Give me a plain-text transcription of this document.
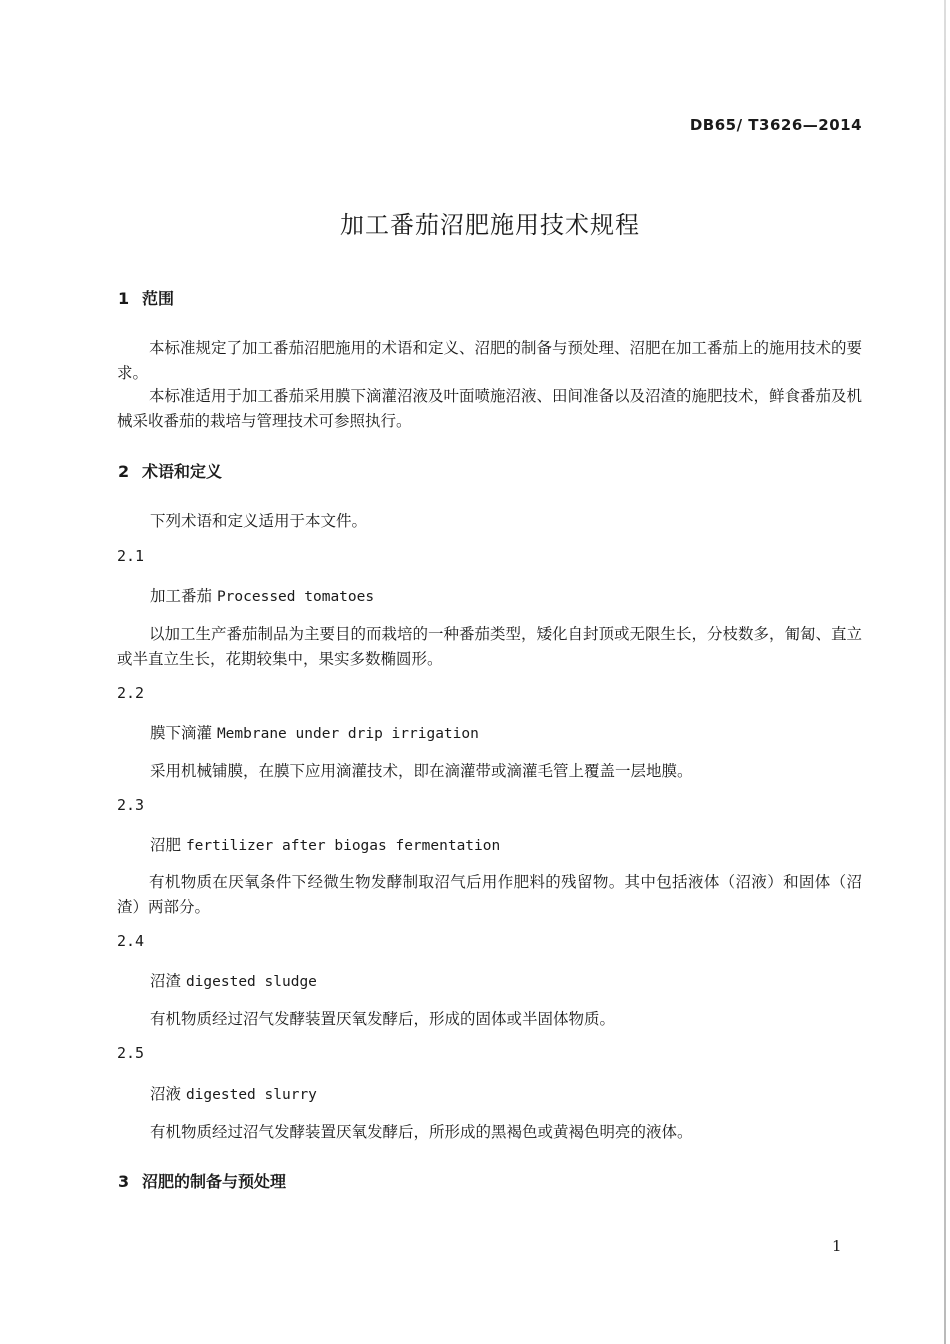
DB65/ T3626—2014
加工番茄沼肥施用技术规程
1 范围
本标准规定了加工番茄沼肥施用的术语和定义、沼肥的制备与预处理、沼肥在加工番茄上的施用技术的要求。
本标准适用于加工番茄采用膜下滴灌沼液及叶面喷施沼液、田间准备以及沼渣的施肥技术，鲜食番茄及机械采收番茄的栽培与管理技术可参照执行。
2 术语和定义
下列术语和定义适用于本文件。
2.1
加工番茄 Processed tomatoes
以加工生产番茄制品为主要目的而栽培的一种番茄类型，矮化自封顶或无限生长，分枝数多，匍匐、直立或半直立生长，花期较集中，果实多数椭圆形。
2.2
膜下滴灌 Membrane under drip irrigation
采用机械铺膜，在膜下应用滴灌技术，即在滴灌带或滴灌毛管上覆盖一层地膜。
2.3
沼肥 fertilizer after biogas fermentation
有机物质在厌氧条件下经微生物发酵制取沼气后用作肥料的残留物。其中包括液体（沼液）和固体（沼渣）两部分。
2.4
沼渣 digested sludge
有机物质经过沼气发酵装置厌氧发酵后，形成的固体或半固体物质。
2.5
沼液 digested slurry
有机物质经过沼气发酵装置厌氧发酵后，所形成的黑褐色或黄褐色明亮的液体。
3 沼肥的制备与预处理
1
